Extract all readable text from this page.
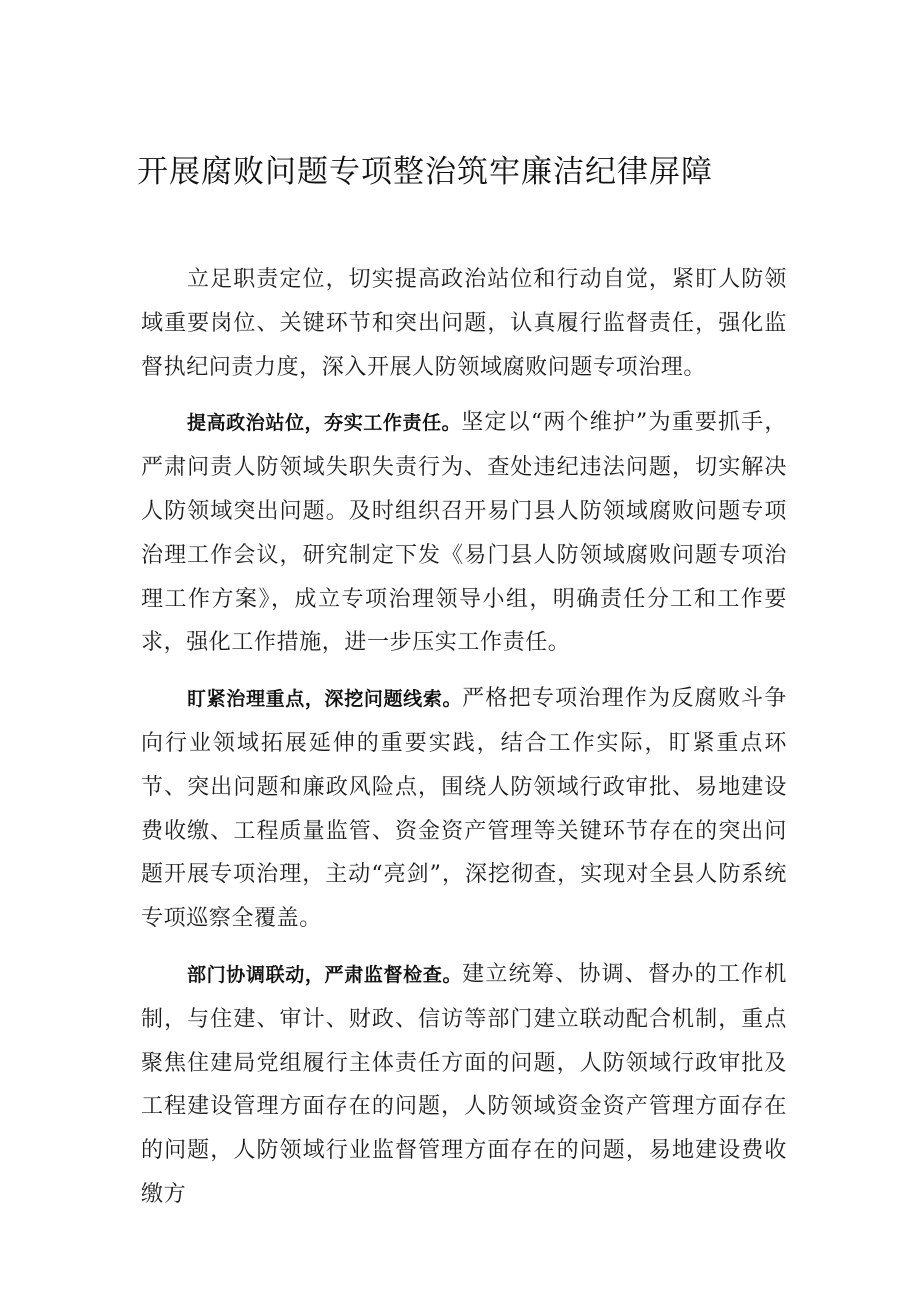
开展腐败问题专项整治筑牢廉洁纪律屏障

立足职责定位，切实提高政治站位和行动自觉，紧盯人防领域重要岗位、关键环节和突出问题，认真履行监督责任，强化监督执纪问责力度，深入开展人防领域腐败问题专项治理。

提高政治站位，夯实工作责任。坚定以“两个维护”为重要抓手，严肃问责人防领域失职失责行为、查处违纪违法问题，切实解决人防领域突出问题。及时组织召开易门县人防领域腐败问题专项治理工作会议，研究制定下发《易门县人防领域腐败问题专项治理工作方案》，成立专项治理领导小组，明确责任分工和工作要求，强化工作措施，进一步压实工作责任。

盯紧治理重点，深挖问题线索。严格把专项治理作为反腐败斗争向行业领域拓展延伸的重要实践，结合工作实际，盯紧重点环节、突出问题和廉政风险点，围绕人防领域行政审批、易地建设费收缴、工程质量监管、资金资产管理等关键环节存在的突出问题开展专项治理，主动“亮剑”，深挖彻查，实现对全县人防系统专项巡察全覆盖。

部门协调联动，严肃监督检查。建立统筹、协调、督办的工作机制，与住建、审计、财政、信访等部门建立联动配合机制，重点聚焦住建局党组履行主体责任方面的问题，人防领域行政审批及工程建设管理方面存在的问题，人防领域资金资产管理方面存在的问题，人防领域行业监督管理方面存在的问题，易地建设费收缴方
